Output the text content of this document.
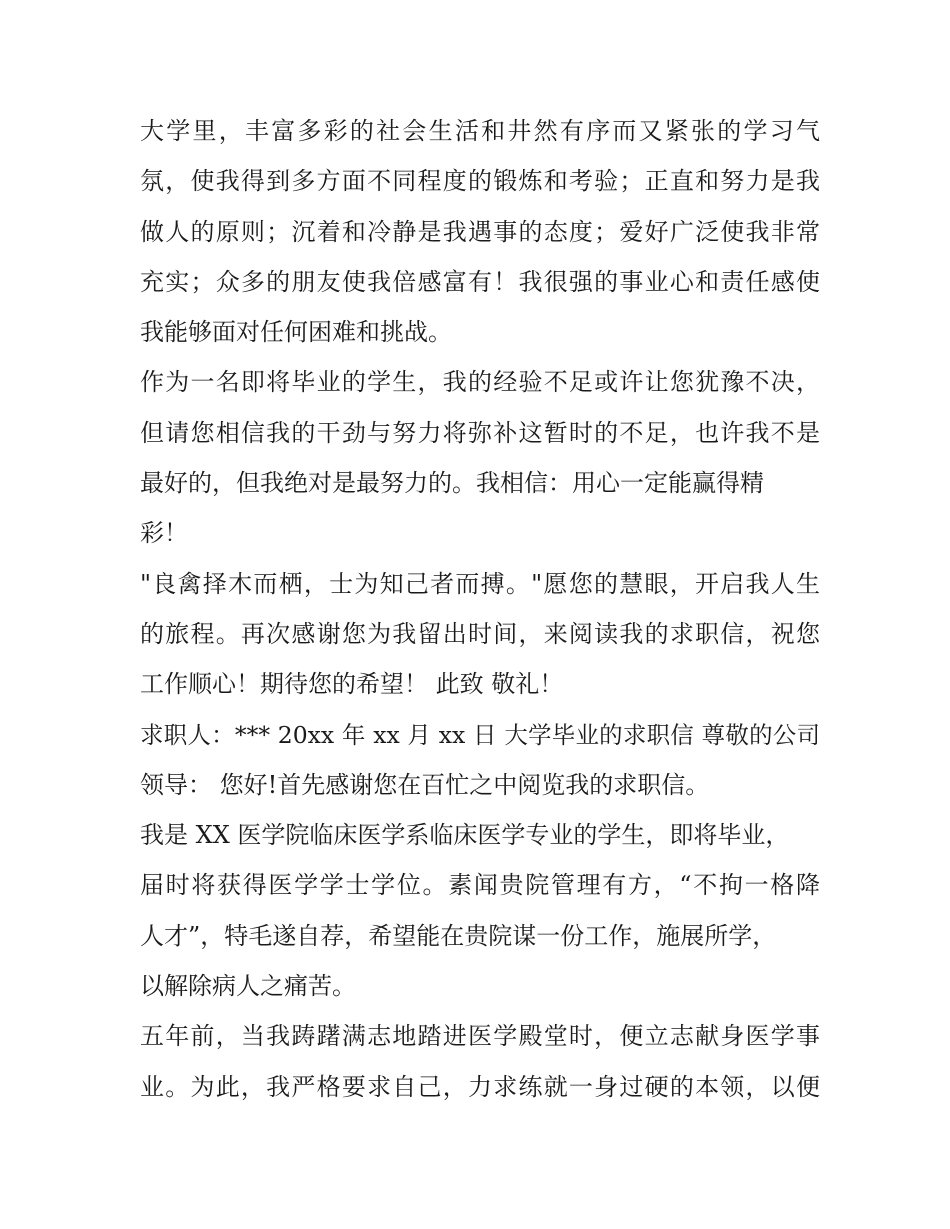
大学里，丰富多彩的社会生活和井然有序而又紧张的学习气
氛，使我得到多方面不同程度的锻炼和考验；正直和努力是我
做人的原则；沉着和冷静是我遇事的态度；爱好广泛使我非常
充实；众多的朋友使我倍感富有！我很强的事业心和责任感使
我能够面对任何困难和挑战。
作为一名即将毕业的学生，我的经验不足或许让您犹豫不决，
但请您相信我的干劲与努力将弥补这暂时的不足，也许我不是
最好的，但我绝对是最努力的。我相信：用心一定能赢得精
彩！
"良禽择木而栖，士为知己者而搏。"愿您的慧眼，开启我人生
的旅程。再次感谢您为我留出时间，来阅读我的求职信，祝您
工作顺心！期待您的希望！ 此致 敬礼！
求职人：*** 20xx 年 xx 月 xx 日 大学毕业的求职信 尊敬的公司
领导： 您好!首先感谢您在百忙之中阅览我的求职信。
我是 XX 医学院临床医学系临床医学专业的学生，即将毕业，
届时将获得医学学士学位。素闻贵院管理有方，“不拘一格降
人才”，特毛遂自荐，希望能在贵院谋一份工作，施展所学，
以解除病人之痛苦。
五年前，当我踌躇满志地踏进医学殿堂时，便立志献身医学事
业。为此，我严格要求自己，力求练就一身过硬的本领，以便
